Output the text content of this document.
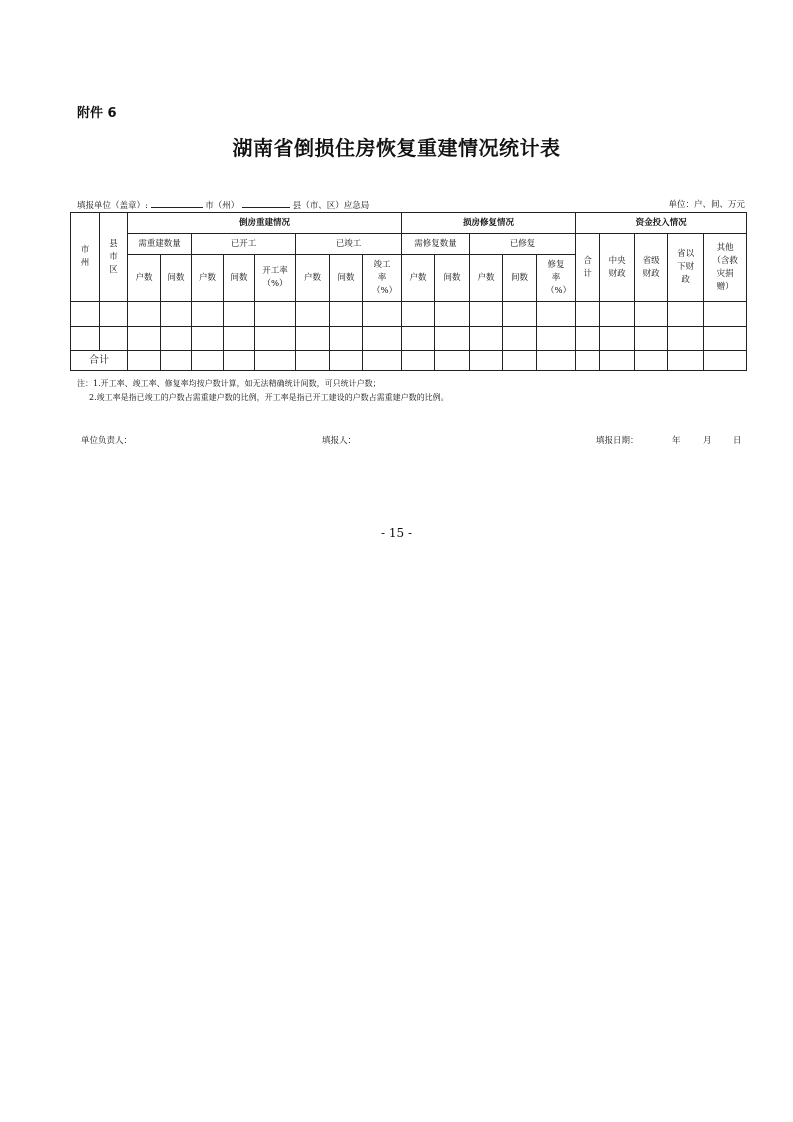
附件 6
湖南省倒损住房恢复重建情况统计表
填报单位（盖章）:	市（州）	县（市、区）应急局	单位：户、间、万元
市州	县市区	倒房重建情况								损房修复情况					资金投入情况				
		需重建数量		已开工			已竣工			需修复数量		已修复			合计	中央财政	省级财政	省以下财政	其他（含救灾捐赠）
		户数	间数	户数	间数	开工率（%）	户数	间数	竣工率（%）	户数	间数	户数	间数	修复率（%）					

合计																			
注：1.开工率、竣工率、修复率均按户数计算，如无法精确统计间数，可只统计户数；
2.竣工率是指已竣工的户数占需重建户数的比例，开工率是指已开工建设的户数占需重建户数的比例。
单位负责人：	填报人：	填报日期：	年	月	日
- 15 -
